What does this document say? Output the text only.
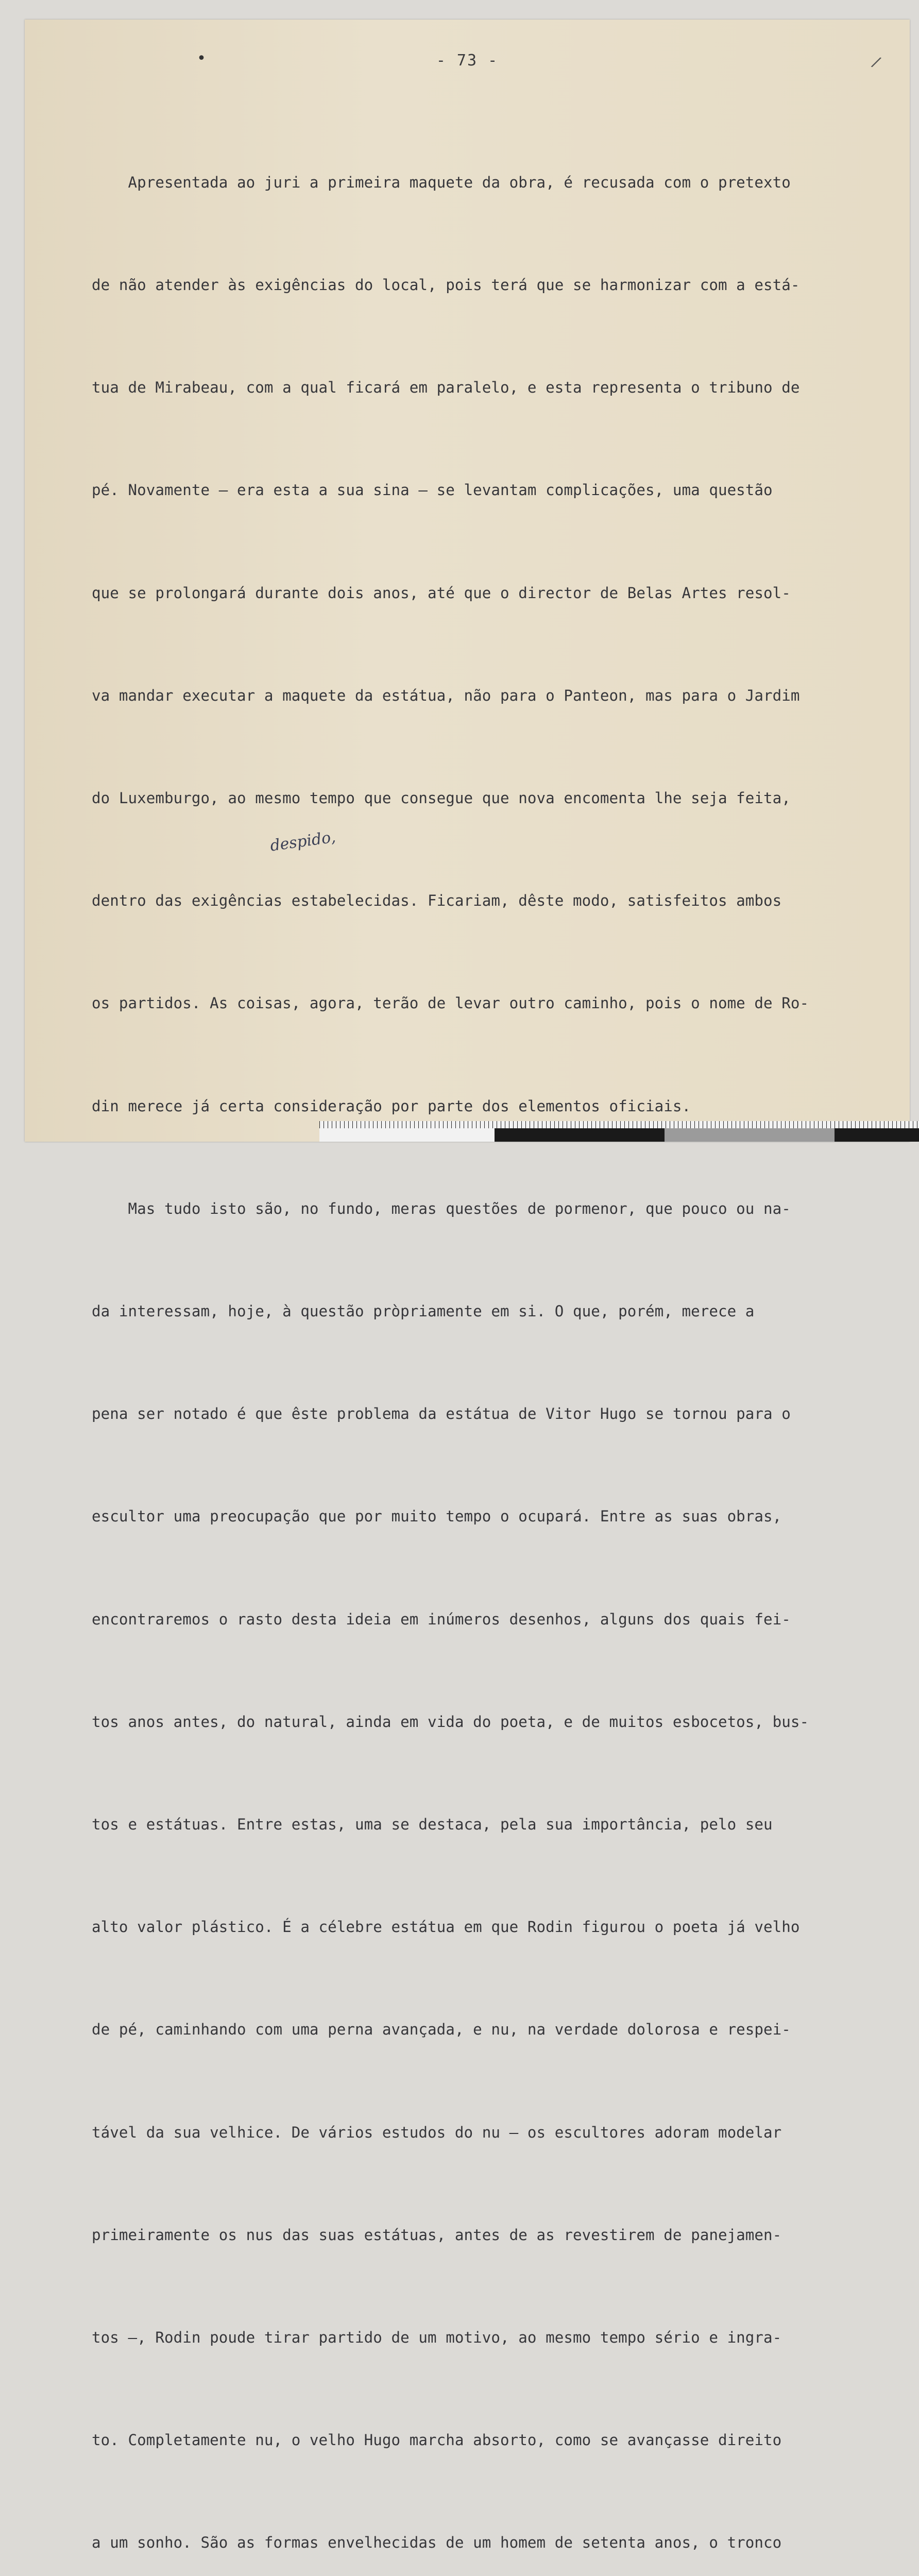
•	/
- 73 -

Apresentada ao juri a primeira maquete da obra, é recusada com o pretexto

de não atender às exigências do local, pois terá que se harmonizar com a está-

tua de Mirabeau, com a qual ficará em paralelo, e esta representa o tribuno de

pé. Novamente — era esta a sua sina — se levantam complicações, uma questão

que se prolongará durante dois anos, até que o director de Belas Artes resol-

va mandar executar a maquete da estátua, não para o Panteon, mas para o Jardim

do Luxemburgo, ao mesmo tempo que consegue que nova encomenta lhe seja feita,

dentro das exigências estabelecidas. Ficariam, dêste modo, satisfeitos ambos

os partidos. As coisas, agora, terão de levar outro caminho, pois o nome de Ro-

din merece já certa consideração por parte dos elementos oficiais.

Mas tudo isto são, no fundo, meras questões de pormenor, que pouco ou na-

da interessam, hoje, à questão pròpriamente em si. O que, porém, merece a

pena ser notado é que êste problema da estátua de Vitor Hugo se tornou para o

escultor uma preocupação que por muito tempo o ocupará. Entre as suas obras,

encontraremos o rasto desta ideia em inúmeros desenhos, alguns dos quais fei-

tos anos antes, do natural, ainda em vida do poeta, e de muitos esbocetos, bus-

tos e estátuas. Entre estas, uma se destaca, pela sua importância, pelo seu

alto valor plástico. É a célebre estátua em que Rodin figurou o poeta já velho

de pé, caminhando com uma perna avançada, e nu, na verdade dolorosa e respei-

tável da sua velhice. De vários estudos do nu — os escultores adoram modelar

primeiramente os nus das suas estátuas, antes de as revestirem de panejamen-

tos —, Rodin poude tirar partido de um motivo, ao mesmo tempo sério e ingra-

to. Completamente nu, o velho Hugo marcha absorto, como se avançasse direito

a um sonho. São as formas envelhecidas de um homem de setenta anos, o tronco

despido,
